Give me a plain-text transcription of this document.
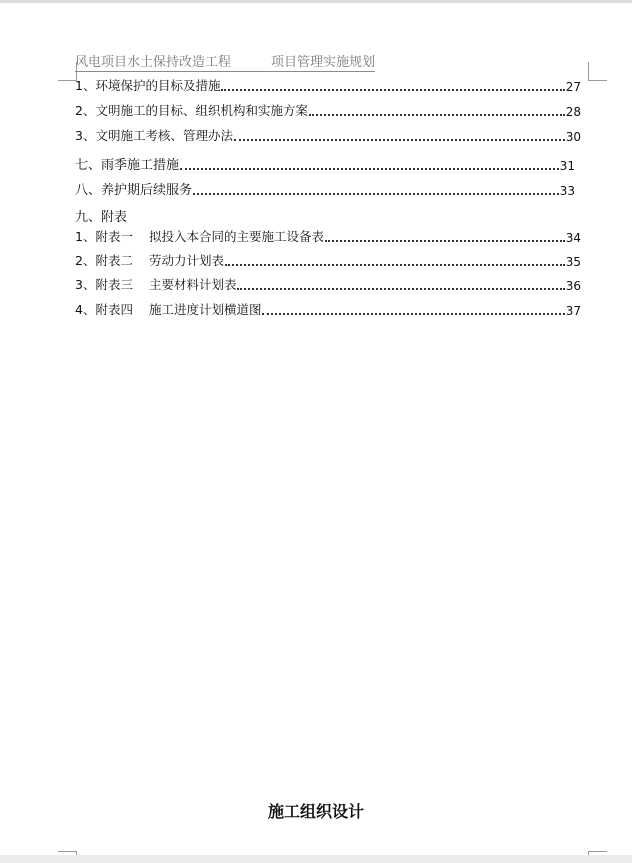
风电项目水土保持改造工程	项目管理实施规划
1、环境保护的目标及措施	27
2、文明施工的目标、组织机构和实施方案	28
3、文明施工考核、管理办法	30
七、雨季施工措施	31
八、养护期后续服务	33
九、附表
1、附表一 拟投入本合同的主要施工设备表	34
2、附表二 劳动力计划表	35
3、附表三 主要材料计划表	36
4、附表四 施工进度计划横道图	37
施工组织设计
